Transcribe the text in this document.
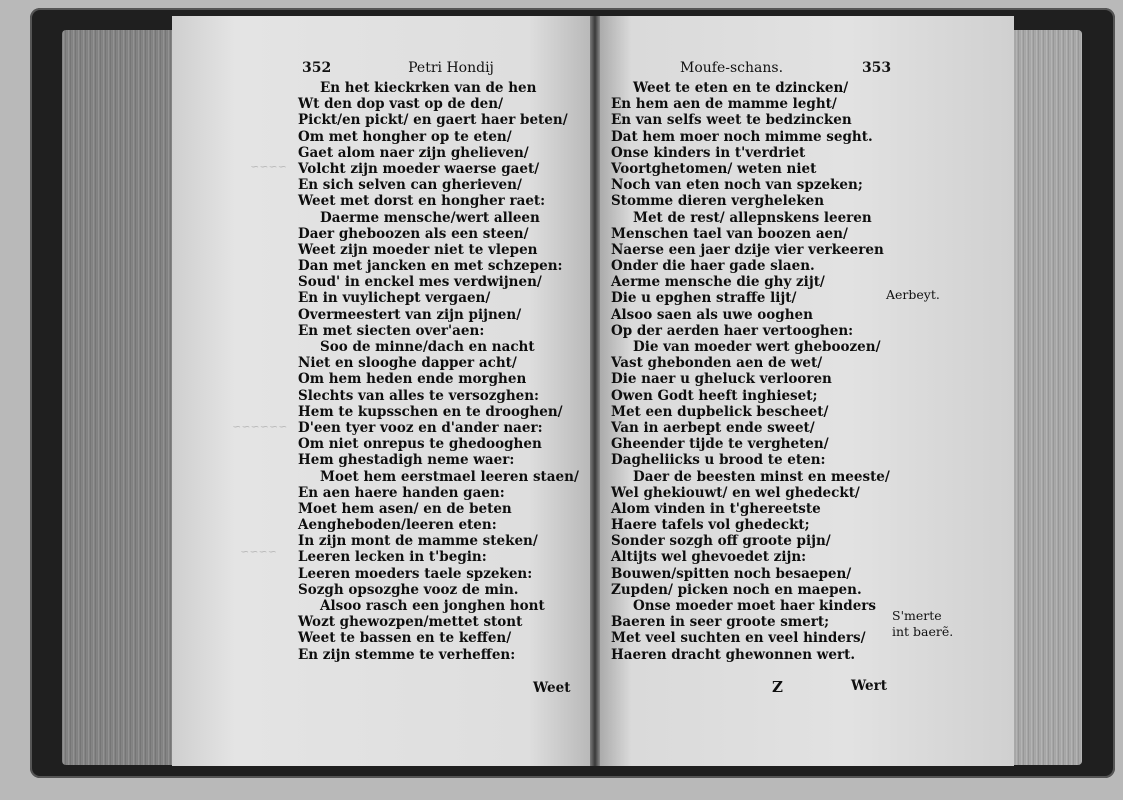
~~~~
~~~~~~
~~~~
352	Petri Hondij
En het kieckrken van de hen
Wt den dop vast op de den/
Pickt/en pickt/ en gaert haer beten/
Om met hongher op te eten/
Gaet alom naer zijn ghelieven/
Volcht zijn moeder waerse gaet/
En sich selven can gherieven/
Weet met dorst en hongher raet:
Daerme mensche/wert alleen
Daer gheboozen als een steen/
Weet zijn moeder niet te vlepen
Dan met jancken en met schzepen:
Soud' in enckel mes verdwijnen/
En in vuylichept vergaen/
Overmeestert van zijn pijnen/
En met siecten over'aen:
Soo de minne/dach en nacht
Niet en slooghe dapper acht/
Om hem heden ende morghen
Slechts van alles te versozghen:
Hem te kupsschen en te drooghen/
D'een tyer vooz en d'ander naer:
Om niet onrepus te ghedooghen
Hem ghestadigh neme waer:
Moet hem eerstmael leeren staen/
En aen haere handen gaen:
Moet hem asen/ en de beten
Aengheboden/leeren eten:
In zijn mont de mamme steken/
Leeren lecken in t'begin:
Leeren moeders taele spzeken:
Sozgh opsozghe vooz de min.
Alsoo rasch een jonghen hont
Wozt ghewozpen/mettet stont
Weet te bassen en te keffen/
En zijn stemme te verheffen:
Weet
Moufe-schans.	353
Weet te eten en te dzincken/
En hem aen de mamme leght/
En van selfs weet te bedzincken
Dat hem moer noch mimme seght.
Onse kinders in t'verdriet
Voortghetomen/ weten niet
Noch van eten noch van spzeken;
Stomme dieren vergheleken
Met de rest/ allepnskens leeren
Menschen tael van boozen aen/
Naerse een jaer dzije vier verkeeren
Onder die haer gade slaen.
Aerme mensche die ghy zijt/
Die u epghen straffe lijt/
Alsoo saen als uwe ooghen
Op der aerden haer vertooghen:
Die van moeder wert gheboozen/
Vast ghebonden aen de wet/
Die naer u gheluck verlooren
Owen Godt heeft inghieset;
Met een dupbelick bescheet/
Van in aerbept ende sweet/
Gheender tijde te vergheten/
Dagheliicks u brood te eten:
Daer de beesten minst en meeste/
Wel ghekiouwt/ en wel ghedeckt/
Alom vinden in t'ghereetste
Haere tafels vol ghedeckt;
Sonder sozgh off groote pijn/
Altijts wel ghevoedet zijn:
Bouwen/spitten noch besaepen/
Zupden/ picken noch en maepen.
Onse moeder moet haer kinders
Baeren in seer groote smert;
Met veel suchten en veel hinders/
Haeren dracht ghewonnen wert.
Z	Wert
Aerbeyt.
S'merte
int baerẽ.
